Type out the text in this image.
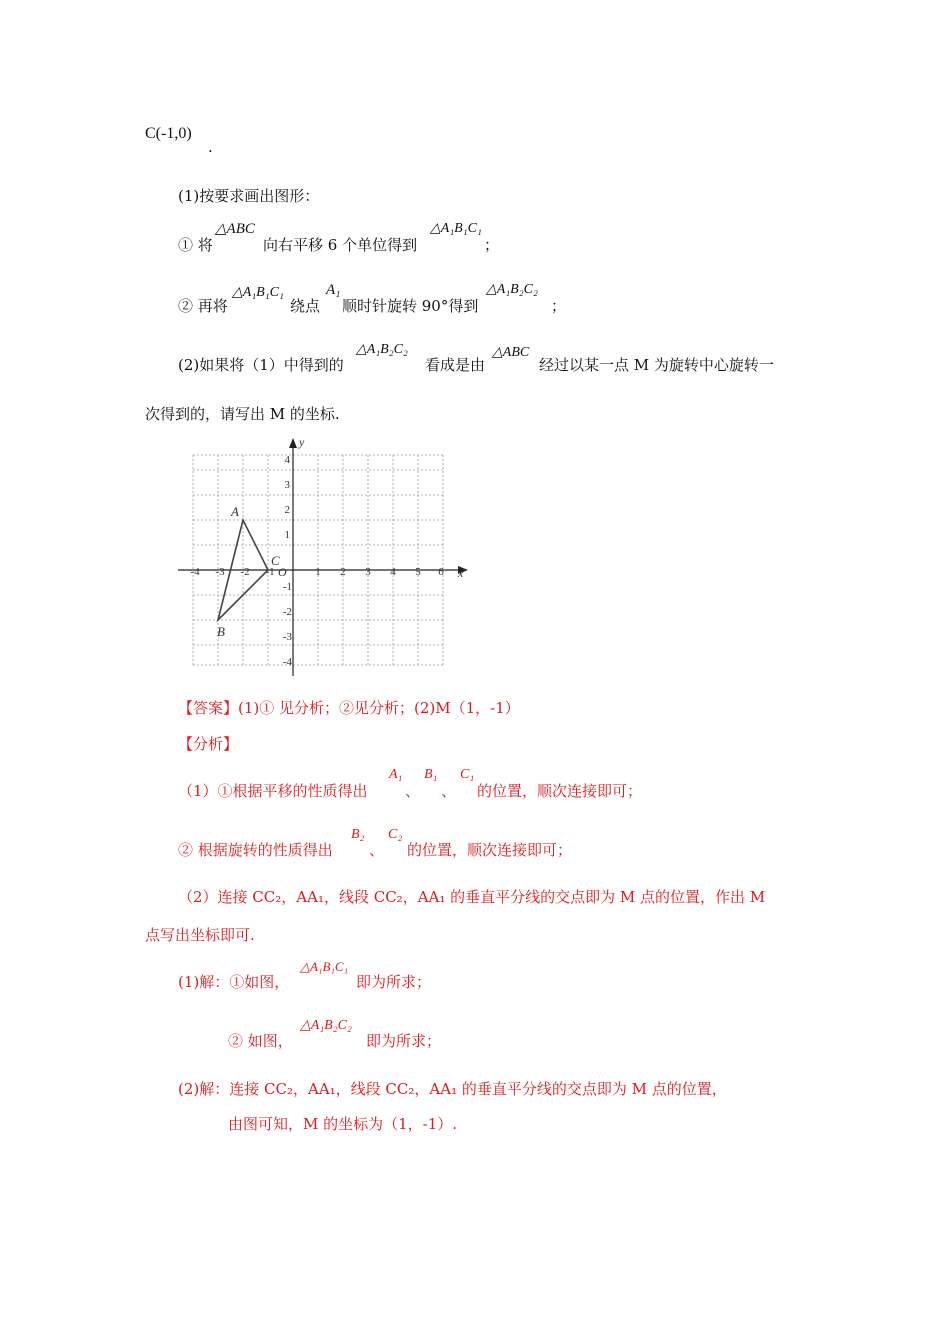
C(-1,0)
.
(1)按要求画出图形：
① 将
△ABC
向右平移 6 个单位得到
△A₁B₁C₁
；
② 再将
△A₁B₁C₁
绕点
A₁
顺时针旋转 90°得到
△A₁B₂C₂
；
(2)如果将（1）中得到的
△A₁B₂C₂
看成是由
△ABC
经过以某一点 M 为旋转中心旋转一
次得到的，请写出 M 的坐标.
x
y
O
-4 -3 -2 -1	1 2 3 4 5 6
4
3
2
1
-1
-2
-3
-4
A
B
C
【答案】(1)① 见分析；②见分析；(2)M（1，-1）
【分析】
（1）①根据平移的性质得出
A₁
、
B₁
、
C₁
的位置，顺次连接即可；
② 根据旋转的性质得出
B₂
、
C₂
的位置，顺次连接即可；
（2）连接 CC₂，AA₁，线段 CC₂，AA₁ 的垂直平分线的交点即为 M 点的位置，作出 M
点写出坐标即可.
(1)解：①如图，
△A₁B₁C₁
即为所求；
② 如图，
△A₁B₂C₂
即为所求；
(2)解：连接 CC₂，AA₁，线段 CC₂，AA₁ 的垂直平分线的交点即为 M 点的位置，
由图可知，M 的坐标为（1，-1）.
